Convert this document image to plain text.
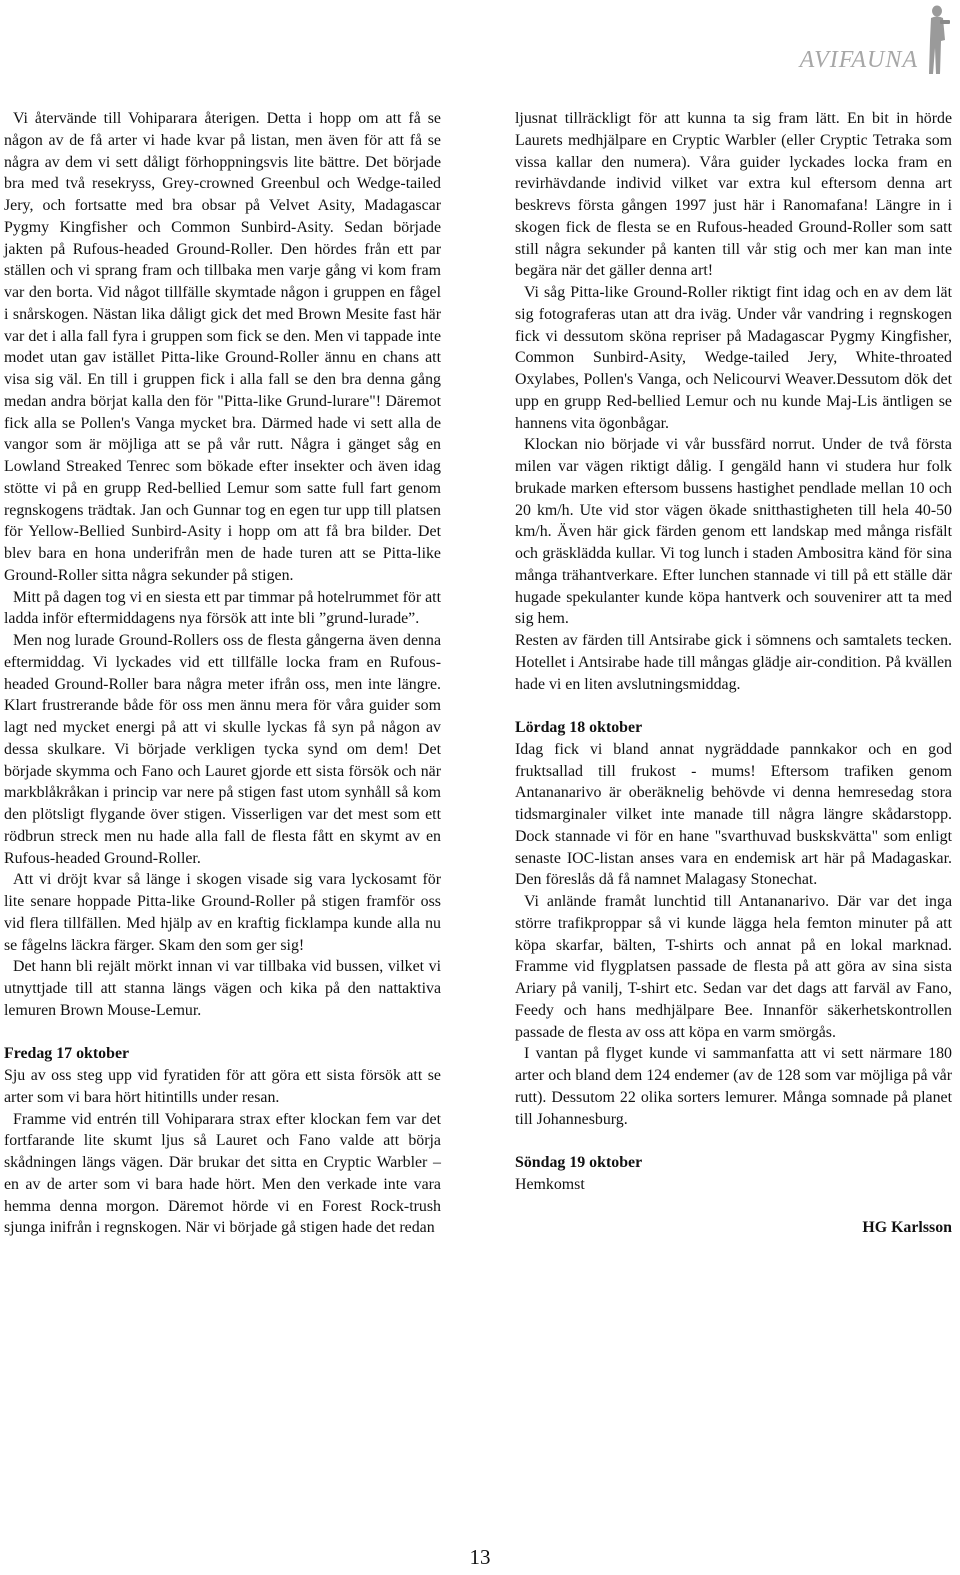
AVIFAUNA

Vi återvände till Vohiparara återigen. Detta i hopp om att få se någon av de få arter vi hade kvar på listan, men även för att få se några av dem vi sett dåligt förhoppningsvis lite bättre. Det började bra med två resekryss, Grey-crowned Greenbul och Wedge-tailed Jery, och fortsatte med bra obsar på Velvet Asity, Madagascar Pygmy Kingfisher och Common Sunbird-Asity. Sedan började jakten på Rufous-headed Ground-Roller. Den hördes från ett par ställen och vi sprang fram och tillbaka men varje gång vi kom fram var den borta. Vid något tillfälle skymtade någon i gruppen en fågel i snårskogen. Nästan lika dåligt gick det med Brown Mesite fast här var det i alla fall fyra i gruppen som fick se den. Men vi tappade inte modet utan gav istället Pitta-like Ground-Roller ännu en chans att visa sig väl. En till i gruppen fick i alla fall se den bra denna gång medan andra börjat kalla den för "Pitta-like Grund-lurare"! Däremot fick alla se Pollen's Vanga mycket bra. Därmed hade vi sett alla de vangor som är möjliga att se på vår rutt. Några i gänget såg en Lowland Streaked Tenrec som bökade efter insekter och även idag stötte vi på en grupp Red-bellied Lemur som satte full fart genom regnskogens trädtak. Jan och Gunnar tog en egen tur upp till platsen för Yellow-Bellied Sunbird-Asity i hopp om att få bra bilder. Det blev bara en hona underifrån men de hade turen att se Pitta-like Ground-Roller sitta några sekunder på stigen.

Mitt på dagen tog vi en siesta ett par timmar på hotelrummet för att ladda inför eftermiddagens nya försök att inte bli ”grund-lurade”.

Men nog lurade Ground-Rollers oss de flesta gångerna även denna eftermiddag. Vi lyckades vid ett tillfälle locka fram en Rufous-headed Ground-Roller bara några meter ifrån oss, men inte längre. Klart frustrerande både för oss men ännu mera för våra guider som lagt ned mycket energi på att vi skulle lyckas få syn på någon av dessa skulkare. Vi började verkligen tycka synd om dem! Det började skymma och Fano och Lauret gjorde ett sista försök och när markblåkråkan i princip var nere på stigen fast utom synhåll så kom den plötsligt flygande över stigen. Visserligen var det mest som ett rödbrun streck men nu hade alla fall de flesta fått en skymt av en Rufous-headed Ground-Roller.

Att vi dröjt kvar så länge i skogen visade sig vara lyckosamt för lite senare hoppade Pitta-like Ground-Roller på stigen framför oss vid flera tillfällen. Med hjälp av en kraftig ficklampa kunde alla nu se fågelns läckra färger. Skam den som ger sig!

Det hann bli rejält mörkt innan vi var tillbaka vid bussen, vilket vi utnyttjade till att stanna längs vägen och kika på den nattaktiva lemuren Brown Mouse-Lemur.

Fredag 17 oktober

Sju av oss steg upp vid fyratiden för att göra ett sista försök att se arter som vi bara hört hitintills under resan.

Framme vid entrén till Vohiparara strax efter klockan fem var det fortfarande lite skumt ljus så Lauret och Fano valde att börja skådningen längs vägen. Där brukar det sitta en Cryptic Warbler – en av de arter som vi bara hade hört. Men den verkade inte vara hemma denna morgon. Däremot hörde vi en Forest Rock-trush sjunga inifrån i regnskogen. När vi började gå stigen hade det redan

ljusnat tillräckligt för att kunna ta sig fram lätt. En bit in hörde Laurets medhjälpare en Cryptic Warbler (eller Cryptic Tetraka som vissa kallar den numera). Våra guider lyckades locka fram en revirhävdande individ vilket var extra kul eftersom denna art beskrevs första gången 1997 just här i Ranomafana! Längre in i skogen fick de flesta se en Rufous-headed Ground-Roller som satt still några sekunder på kanten till vår stig och mer kan man inte begära när det gäller denna art!

Vi såg Pitta-like Ground-Roller riktigt fint idag och en av dem lät sig fotograferas utan att dra iväg. Under vår vandring i regnskogen fick vi dessutom sköna repriser på Madagascar Pygmy Kingfisher, Common Sunbird-Asity, Wedge-tailed Jery, White-throated Oxylabes, Pollen's Vanga, och Nelicourvi Weaver.Dessutom dök det upp en grupp Red-bellied Lemur och nu kunde Maj-Lis äntligen se hannens vita ögonbågar.

Klockan nio började vi vår bussfärd norrut. Under de två första milen var vägen riktigt dålig. I gengäld hann vi studera hur folk brukade marken eftersom bussens hastighet pendlade mellan 10 och 20 km/h. Ute vid stor vägen ökade snitthastigheten till hela 40-50 km/h. Även här gick färden genom ett landskap med många risfält och gräsklädda kullar. Vi tog lunch i staden Ambositra känd för sina många trähantverkare. Efter lunchen stannade vi till på ett ställe där hugade spekulanter kunde köpa hantverk och souvenirer att ta med sig hem.

Resten av färden till Antsirabe gick i sömnens och samtalets tecken. Hotellet i Antsirabe hade till mångas glädje air-condition. På kvällen hade vi en liten avslutningsmiddag.

Lördag 18 oktober

Idag fick vi bland annat nygräddade pannkakor och en god fruktsallad till frukost - mums! Eftersom trafiken genom Antananarivo är oberäknelig behövde vi denna hemresedag stora tidsmarginaler vilket inte manade till några längre skådarstopp. Dock stannade vi för en hane "svarthuvad buskskvätta" som enligt senaste IOC-listan anses vara en endemisk art här på Madagaskar. Den föreslås då få namnet Malagasy Stonechat.

Vi anlände framåt lunchtid till Antananarivo. Där var det inga större trafikproppar så vi kunde lägga hela femton minuter på att köpa skarfar, bälten, T-shirts och annat på en lokal marknad. Framme vid flygplatsen passade de flesta på att göra av sina sista Ariary på vanilj, T-shirt etc. Sedan var det dags att farväl av Fano, Feedy och hans medhjälpare Bee. Innanför säkerhetskontrollen passade de flesta av oss att köpa en varm smörgås.

I vantan på flyget kunde vi sammanfatta att vi sett närmare 180 arter och bland dem 124 endemer (av de 128 som var möjliga på vår rutt). Dessutom 22 olika sorters lemurer. Många somnade på planet till Johannesburg.

Söndag 19 oktober

Hemkomst

HG Karlsson

13
